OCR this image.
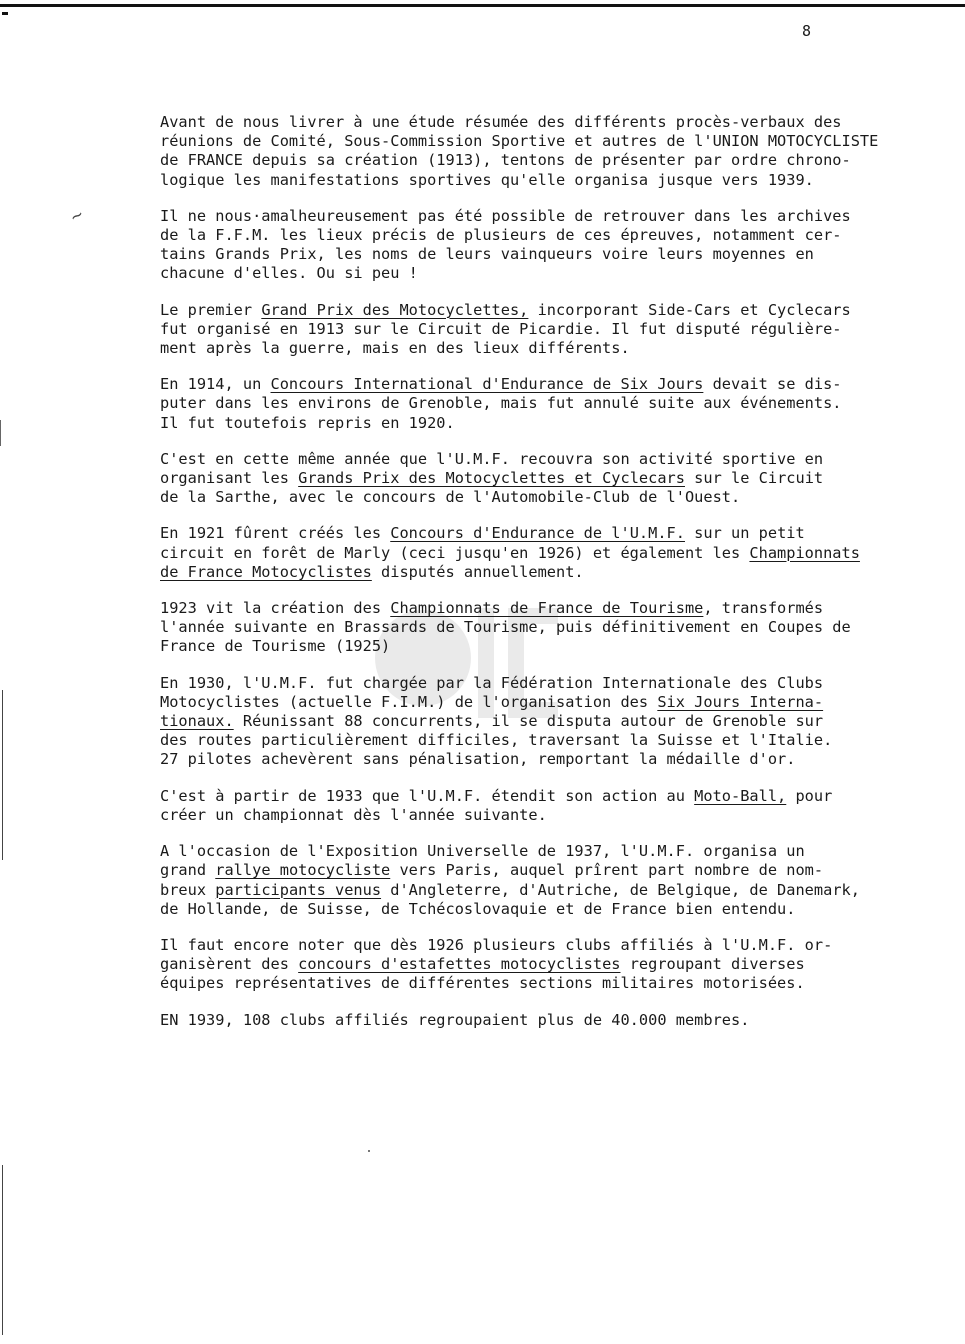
8
~
Avant de nous livrer à une étude résumée des différents procès-verbaux des
réunions de Comité, Sous-Commission Sportive et autres de l'UNION MOTOCYCLISTE
de FRANCE depuis sa création (1913), tentons de présenter par ordre chrono-
logique les manifestations sportives qu'elle organisa jusque vers 1939.
Il ne nous·amalheureusement pas été possible de retrouver dans les archives
de la F.F.M. les lieux précis de plusieurs de ces épreuves, notamment cer-
tains Grands Prix, les noms de leurs vainqueurs voire leurs moyennes en
chacune d'elles. Ou si peu !
Le premier Grand Prix des Motocyclettes, incorporant Side-Cars et Cyclecars
fut organisé en 1913 sur le Circuit de Picardie. Il fut disputé régulière-
ment après la guerre, mais en des lieux différents.
En 1914, un Concours International d'Endurance de Six Jours devait se dis-
puter dans les environs de Grenoble, mais fut annulé suite aux événements.
Il fut toutefois repris en 1920.
C'est en cette même année que l'U.M.F. recouvra son activité sportive en
organisant les Grands Prix des Motocyclettes et Cyclecars sur le Circuit
de la Sarthe, avec le concours de l'Automobile-Club de l'Ouest.
En 1921 fûrent créés les Concours d'Endurance de l'U.M.F. sur un petit
circuit en forêt de Marly (ceci jusqu'en 1926) et également les Championnats
de France Motocyclistes disputés annuellement.
1923 vit la création des Championnats de France de Tourisme, transformés
l'année suivante en Brassards de Tourisme, puis définitivement en Coupes de
France de Tourisme (1925)
En 1930, l'U.M.F. fut chargée par la Fédération Internationale des Clubs
Motocyclistes (actuelle F.I.M.) de l'organisation des Six Jours Interna-
tionaux. Réunissant 88 concurrents, il se disputa autour de Grenoble sur
des routes particulièrement difficiles, traversant la Suisse et l'Italie.
27 pilotes achevèrent sans pénalisation, remportant la médaille d'or.
C'est à partir de 1933 que l'U.M.F. étendit son action au Moto-Ball, pour
créer un championnat dès l'année suivante.
A l'occasion de l'Exposition Universelle de 1937, l'U.M.F. organisa un
grand rallye motocycliste vers Paris, auquel prîrent part nombre de nom-
breux participants venus d'Angleterre, d'Autriche, de Belgique, de Danemark,
de Hollande, de Suisse, de Tchécoslovaquie et de France bien entendu.
Il faut encore noter que dès 1926 plusieurs clubs affiliés à l'U.M.F. or-
ganisèrent des concours d'estafettes motocyclistes regroupant diverses
équipes représentatives de différentes sections militaires motorisées.
EN 1939, 108 clubs affiliés regroupaient plus de 40.000 membres.
